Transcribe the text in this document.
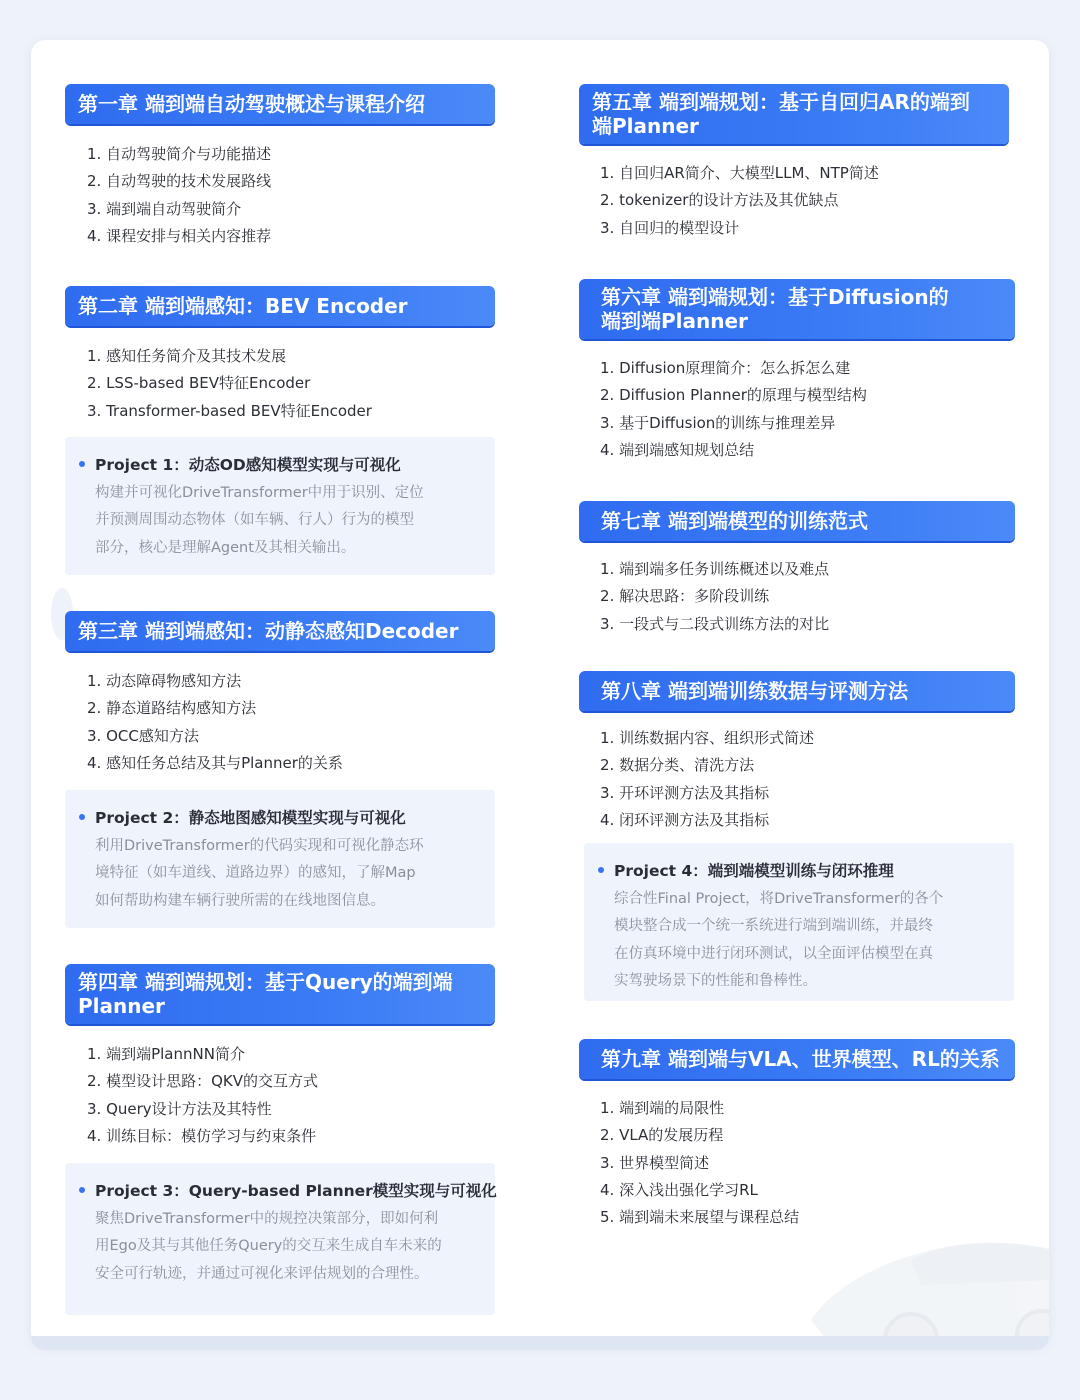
第一章 端到端自动驾驶概述与课程介绍
1. 自动驾驶简介与功能描述
2. 自动驾驶的技术发展路线
3. 端到端自动驾驶简介
4. 课程安排与相关内容推荐
第二章 端到端感知：BEV Encoder
1. 感知任务简介及其技术发展
2. LSS-based BEV特征Encoder
3. Transformer-based BEV特征Encoder
Project 1：动态OD感知模型实现与可视化
构建并可视化DriveTransformer中用于识别、定位
并预测周围动态物体（如车辆、行人）行为的模型
部分，核心是理解Agent及其相关输出。
第三章 端到端感知：动静态感知Decoder
1. 动态障碍物感知方法
2. 静态道路结构感知方法
3. OCC感知方法
4. 感知任务总结及其与Planner的关系
Project 2：静态地图感知模型实现与可视化
利用DriveTransformer的代码实现和可视化静态环
境特征（如车道线、道路边界）的感知，了解Map
如何帮助构建车辆行驶所需的在线地图信息。
第四章 端到端规划：基于Query的端到端
Planner
1. 端到端PlannNN简介
2. 模型设计思路：QKV的交互方式
3. Query设计方法及其特性
4. 训练目标：模仿学习与约束条件
Project 3：Query-based Planner模型实现与可视化
聚焦DriveTransformer中的规控决策部分，即如何利
用Ego及其与其他任务Query的交互来生成自车未来的
安全可行轨迹，并通过可视化来评估规划的合理性。
第五章 端到端规划：基于自回归AR的端到
端Planner
1. 自回归AR简介、大模型LLM、NTP简述
2. tokenizer的设计方法及其优缺点
3. 自回归的模型设计
第六章 端到端规划：基于Diffusion的
端到端Planner
1. Diffusion原理简介：怎么拆怎么建
2. Diffusion Planner的原理与模型结构
3. 基于Diffusion的训练与推理差异
4. 端到端感知规划总结
第七章 端到端模型的训练范式
1. 端到端多任务训练概述以及难点
2. 解决思路：多阶段训练
3. 一段式与二段式训练方法的对比
第八章 端到端训练数据与评测方法
1. 训练数据内容、组织形式简述
2. 数据分类、清洗方法
3. 开环评测方法及其指标
4. 闭环评测方法及其指标
Project 4：端到端模型训练与闭环推理
综合性Final Project，将DriveTransformer的各个
模块整合成一个统一系统进行端到端训练，并最终
在仿真环境中进行闭环测试，以全面评估模型在真
实驾驶场景下的性能和鲁棒性。
第九章 端到端与VLA、世界模型、RL的关系
1. 端到端的局限性
2. VLA的发展历程
3. 世界模型简述
4. 深入浅出强化学习RL
5. 端到端未来展望与课程总结
